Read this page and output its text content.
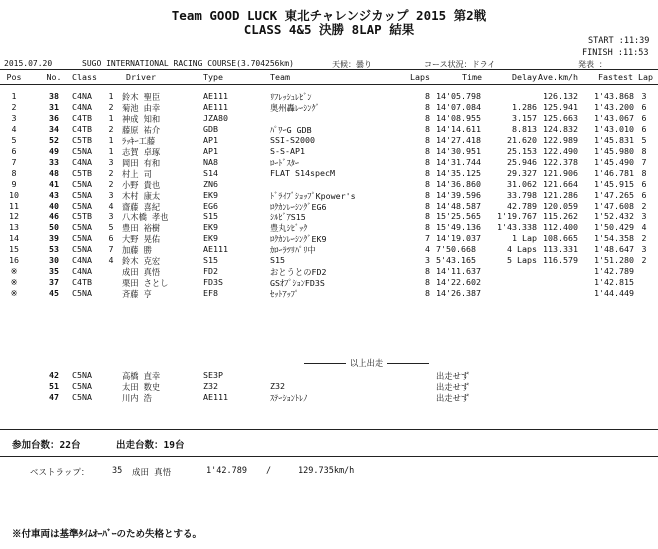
Team GOOD LUCK 東北チャレンジカップ 2015 第2戦
CLASS 4&5 決勝 8LAP 結果
START :11:39
FINISH :11:53
2015.07.20	SUGO INTERNATIONAL RACING COURSE(3.704256km)	天候：曇り	コース状況：ドライ	発表 ：
Pos	No.	Class	Driver	Type	Team	Laps	Time	Delay Ave.km/h Fastest Lap
1	38	C4NA	1	鈴木 聖臣	AE111	ﾘﾌﾚｯｼｭﾚﾋﾞﾝ	8 14'05.798	126.132	1'43.868 3
2	31	C4NA	2	菊池 由幸	AE111	奥州轟ﾚｰｼﾝｸﾞ	8 14'07.084	1.286 125.941	1'43.200 6
3	36	C4TB	1	神成 知和	JZA80	8 14'08.955	3.157 125.663	1'43.067 6
4	34	C4TB	2	藤原 祐介	GDB	ﾊﾟﾜｰG GDB	8 14'14.611	8.813 124.832	1'43.010 6
5	52	C5TB	1	ﾗｯｷｰ工藤	AP1	SSI-S2000	8 14'27.418	21.620 122.989	1'45.831 5
6	49	C5NA	1	志賀 卓琢	AP1	S-S-AP1	8 14'30.951	25.153 122.490	1'45.980 8
7	33	C4NA	3	岡田 有和	NA8	ﾛｰﾄﾞｽﾀｰ	8 14'31.744	25.946 122.378	1'45.490 7
8	48	C5TB	2	村上 司	S14	FLAT S14specM	8 14'35.125	29.327 121.906	1'46.781 8
9	41	C5NA	2	小野 貴也	ZN6	8 14'36.860	31.062 121.664	1'45.915 6
10	43	C5NA	3	木村 康太	EK9	ﾄﾞﾗｲﾌﾞｼｮｯﾌﾟKpower's	8 14'39.596	33.798 121.286	1'47.265 6
11	40	C5NA	4	齋藤 喜紀	EG6	ﾛｸｶﾝﾚｰｼﾝｸﾞEG6	8 14'48.587	42.789 120.059	1'47.608 2
12	46	C5TB	3	八木橋 孝也	S15	ｼﾙﾋﾞｱS15	8 15'25.565	1'19.767 115.262	1'52.432 3
13	50	C5NA	5	豊田 裕樹	EK9	豊丸ｼﾋﾞｯｸ	8 15'49.136	1'43.338 112.400	1'50.429 4
14	39	C5NA	6	大野 晃佑	EK9	ﾛｸｶﾝﾚｰｼﾝｸﾞEK9	7 14'19.037	1 Lap 108.665	1'54.358 2
15	53	C5NA	7	加藤 勝	AE111	ｶﾛｰﾗﾂﾘﾊﾟﾘ中	4 7'50.668	4 Laps 113.331	1'48.647 3
16	30	C4NA	4	鈴木 克宏	S15	S15	3 5'43.165	5 Laps 116.579	1'51.280 2
※	35	C4NA	成田 真悟	FD2	おとうとのFD2	8 14'11.637	1'42.789
※	37	C4TB	栗田 さとし	FD3S	GSｵﾌﾟｼｮﾝFD3S	8 14'22.602	1'42.815
※	45	C5NA	斉藤 亨	EF8	ｾｯﾄｱｯﾌﾟ	8 14'26.387	1'44.449
以上出走
42	C5NA	高橋 直幸	SE3P	出走せず
51	C5NA	太田 数史	Z32	Z32	出走せず
47	C5NA	川内 浩	AE111	ｽﾃｰｼｮﾝﾄﾚﾉ	出走せず
参加台数：22台	出走台数：19台
ベストラップ：	35 成田 真悟	1'42.789 /	129.735km/h
※付車両は基準ﾀｲﾑｵｰﾊﾞｰのため失格とする。
